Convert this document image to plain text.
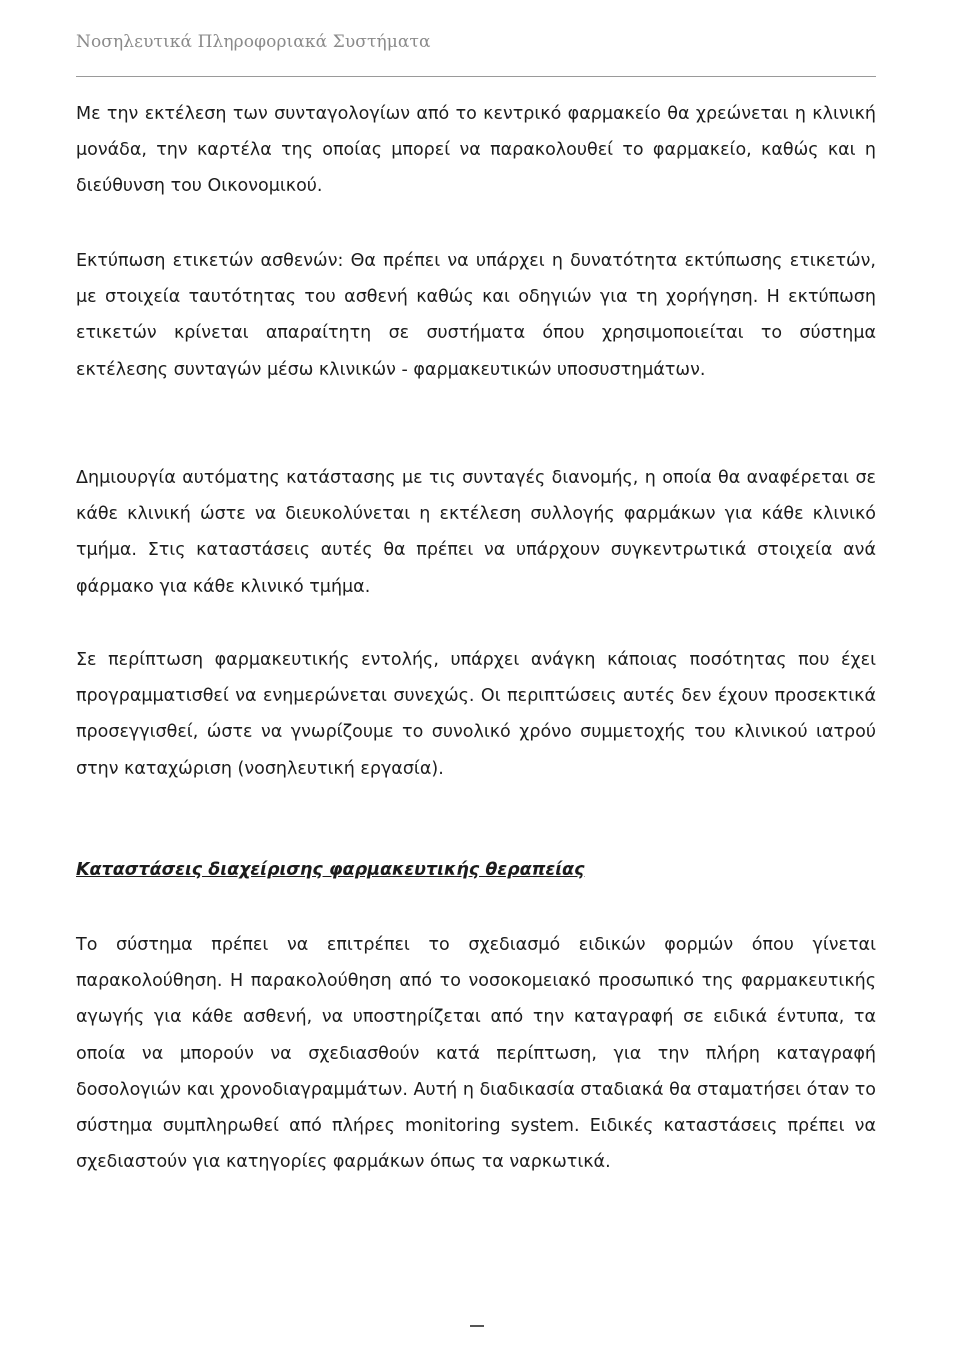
Νοσηλευτικά Πληροφοριακά Συστήματα

Με την εκτέλεση των συνταγολογίων από το κεντρικό φαρμακείο θα χρεώνεται η κλινική μονάδα, την καρτέλα της οποίας μπορεί να παρακολουθεί το φαρμακείο, καθώς και η διεύθυνση του Οικονομικού.

Εκτύπωση ετικετών ασθενών: Θα πρέπει να υπάρχει η δυνατότητα εκτύπωσης ετικετών, με στοιχεία ταυτότητας του ασθενή καθώς και οδηγιών για τη χορήγηση. Η εκτύπωση ετικετών κρίνεται απαραίτητη σε συστήματα όπου χρησιμοποιείται το σύστημα εκτέλεσης συνταγών μέσω κλινικών - φαρμακευτικών υποσυστημάτων.

Δημιουργία αυτόματης κατάστασης με τις συνταγές διανομής, η οποία θα αναφέρεται σε κάθε κλινική ώστε να διευκολύνεται η εκτέλεση συλλογής φαρμάκων για κάθε κλινικό τμήμα. Στις καταστάσεις αυτές θα πρέπει να υπάρχουν συγκεντρωτικά στοιχεία ανά φάρμακο για κάθε κλινικό τμήμα.

Σε περίπτωση φαρμακευτικής εντολής, υπάρχει ανάγκη κάποιας ποσότητας που έχει προγραμματισθεί να ενημερώνεται συνεχώς. Οι περιπτώσεις αυτές δεν έχουν προσεκτικά προσεγγισθεί, ώστε να γνωρίζουμε το συνολικό χρόνο συμμετοχής του κλινικού ιατρού στην καταχώριση (νοσηλευτική εργασία).

Καταστάσεις διαχείρισης φαρμακευτικής θεραπείας

Το σύστημα πρέπει να επιτρέπει το σχεδιασμό ειδικών φορμών όπου γίνεται παρακολούθηση. Η παρακολούθηση από το νοσοκομειακό προσωπικό της φαρμακευτικής αγωγής για κάθε ασθενή, να υποστηρίζεται από την καταγραφή σε ειδικά έντυπα, τα οποία να μπορούν να σχεδιασθούν κατά περίπτωση, για την πλήρη καταγραφή δοσολογιών και χρονοδιαγραμμάτων. Αυτή η διαδικασία σταδιακά θα σταματήσει όταν το σύστημα συμπληρωθεί από πλήρες monitoring system. Ειδικές καταστάσεις πρέπει να σχεδιαστούν για κατηγορίες φαρμάκων όπως τα ναρκωτικά.
